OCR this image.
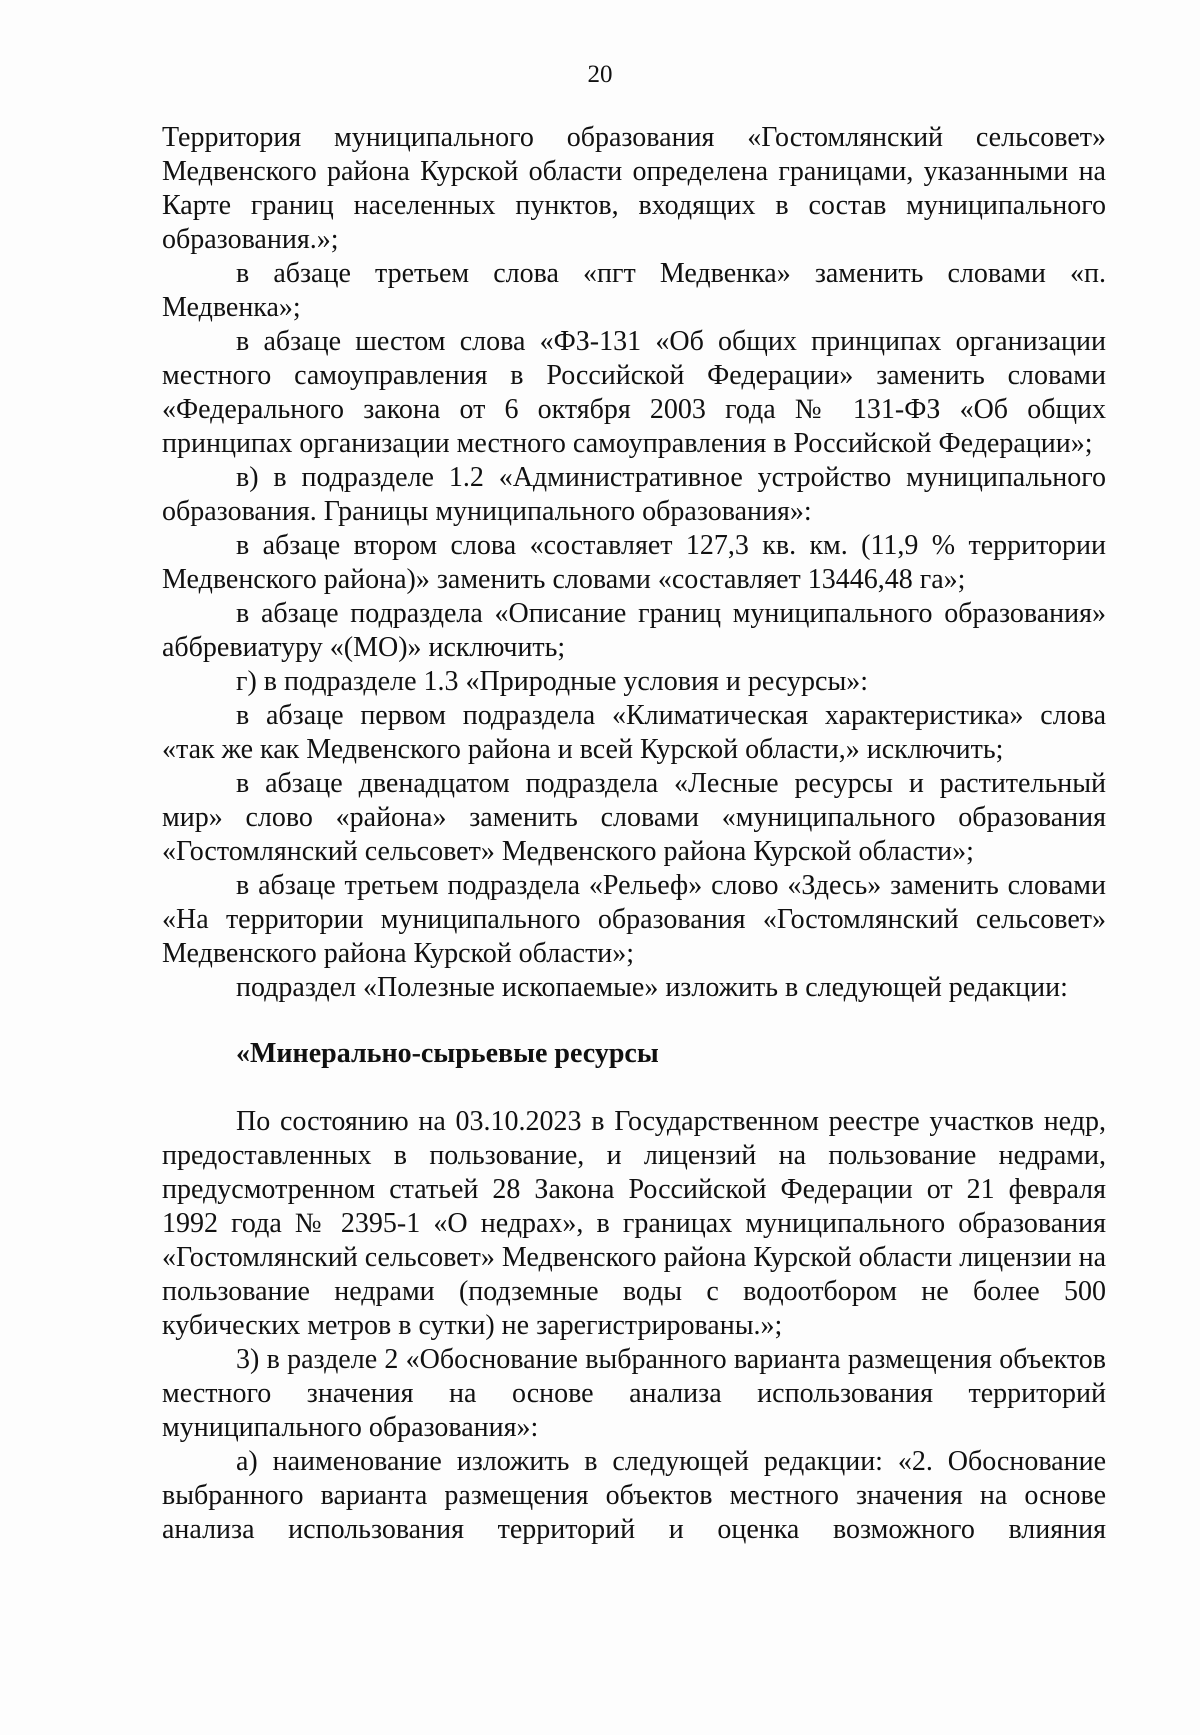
20

Территория муниципального образования «Гостомлянский сельсовет» Медвенского района Курской области определена границами, указанными на Карте границ населенных пунктов, входящих в состав муниципального образования.»;

в абзаце третьем слова «пгт Медвенка» заменить словами «п. Медвенка»;

в абзаце шестом слова «ФЗ-131 «Об общих принципах организации местного самоуправления в Российской Федерации» заменить словами «Федерального закона от 6 октября 2003 года № 131-ФЗ «Об общих принципах организации местного самоуправления в Российской Федерации»;

в) в подразделе 1.2 «Административное устройство муниципального образования. Границы муниципального образования»:

в абзаце втором слова «составляет 127,3 кв. км. (11,9 % территории Медвенского района)» заменить словами «составляет 13446,48 га»;

в абзаце подраздела «Описание границ муниципального образования» аббревиатуру «(МО)» исключить;

г) в подразделе 1.3 «Природные условия и ресурсы»:

в абзаце первом подраздела «Климатическая характеристика» слова «так же как Медвенского района и всей Курской области,» исключить;

в абзаце двенадцатом подраздела «Лесные ресурсы и растительный мир» слово «района» заменить словами «муниципального образования «Гостомлянский сельсовет» Медвенского района Курской области»;

в абзаце третьем подраздела «Рельеф» слово «Здесь» заменить словами «На территории муниципального образования «Гостомлянский сельсовет» Медвенского района Курской области»;

подраздел «Полезные ископаемые» изложить в следующей редакции:

«Минерально-сырьевые ресурсы

По состоянию на 03.10.2023 в Государственном реестре участков недр, предоставленных в пользование, и лицензий на пользование недрами, предусмотренном статьей 28 Закона Российской Федерации от 21 февраля 1992 года № 2395-1 «О недрах», в границах муниципального образования «Гостомлянский сельсовет» Медвенского района Курской области лицензии на пользование недрами (подземные воды с водоотбором не более 500 кубических метров в сутки) не зарегистрированы.»;

3) в разделе 2 «Обоснование выбранного варианта размещения объектов местного значения на основе анализа использования территорий муниципального образования»:

а) наименование изложить в следующей редакции: «2. Обоснование выбранного варианта размещения объектов местного значения на основе анализа использования территорий и оценка возможного влияния
